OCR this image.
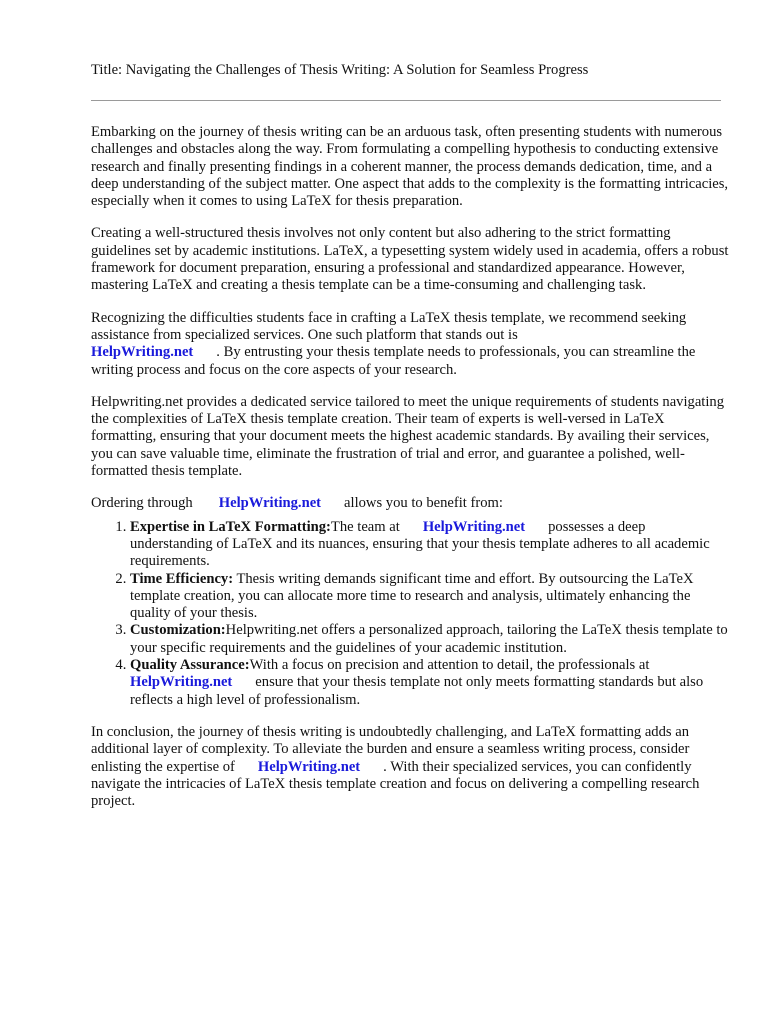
Title: Navigating the Challenges of Thesis Writing: A Solution for Seamless Progress

Embarking on the journey of thesis writing can be an arduous task, often presenting students with numerous challenges and obstacles along the way. From formulating a compelling hypothesis to conducting extensive research and finally presenting findings in a coherent manner, the process demands dedication, time, and a deep understanding of the subject matter. One aspect that adds to the complexity is the formatting intricacies, especially when it comes to using LaTeX for thesis preparation.

Creating a well-structured thesis involves not only content but also adhering to the strict formatting guidelines set by academic institutions. LaTeX, a typesetting system widely used in academia, offers a robust framework for document preparation, ensuring a professional and standardized appearance. However, mastering LaTeX and creating a thesis template can be a time-consuming and challenging task.

Recognizing the difficulties students face in crafting a LaTeX thesis template, we recommend seeking assistance from specialized services. One such platform that stands out is
HelpWriting.net . By entrusting your thesis template needs to professionals, you can streamline the writing process and focus on the core aspects of your research.

Helpwriting.net provides a dedicated service tailored to meet the unique requirements of students navigating the complexities of LaTeX thesis template creation. Their team of experts is well-versed in LaTeX formatting, ensuring that your document meets the highest academic standards. By availing their services, you can save valuable time, eliminate the frustration of trial and error, and guarantee a polished, well-formatted thesis template.

Ordering through HelpWriting.net allows you to benefit from:

1. Expertise in LaTeX Formatting:The team at HelpWriting.net possesses a deep understanding of LaTeX and its nuances, ensuring that your thesis template adheres to all academic requirements.
2. Time Efficiency: Thesis writing demands significant time and effort. By outsourcing the LaTeX template creation, you can allocate more time to research and analysis, ultimately enhancing the quality of your thesis.
3. Customization:Helpwriting.net offers a personalized approach, tailoring the LaTeX thesis template to your specific requirements and the guidelines of your academic institution.
4. Quality Assurance:With a focus on precision and attention to detail, the professionals at
HelpWriting.net ensure that your thesis template not only meets formatting standards but also reflects a high level of professionalism.

In conclusion, the journey of thesis writing is undoubtedly challenging, and LaTeX formatting adds an additional layer of complexity. To alleviate the burden and ensure a seamless writing process, consider enlisting the expertise of HelpWriting.net . With their specialized services, you can confidently navigate the intricacies of LaTeX thesis template creation and focus on delivering a compelling research project.
